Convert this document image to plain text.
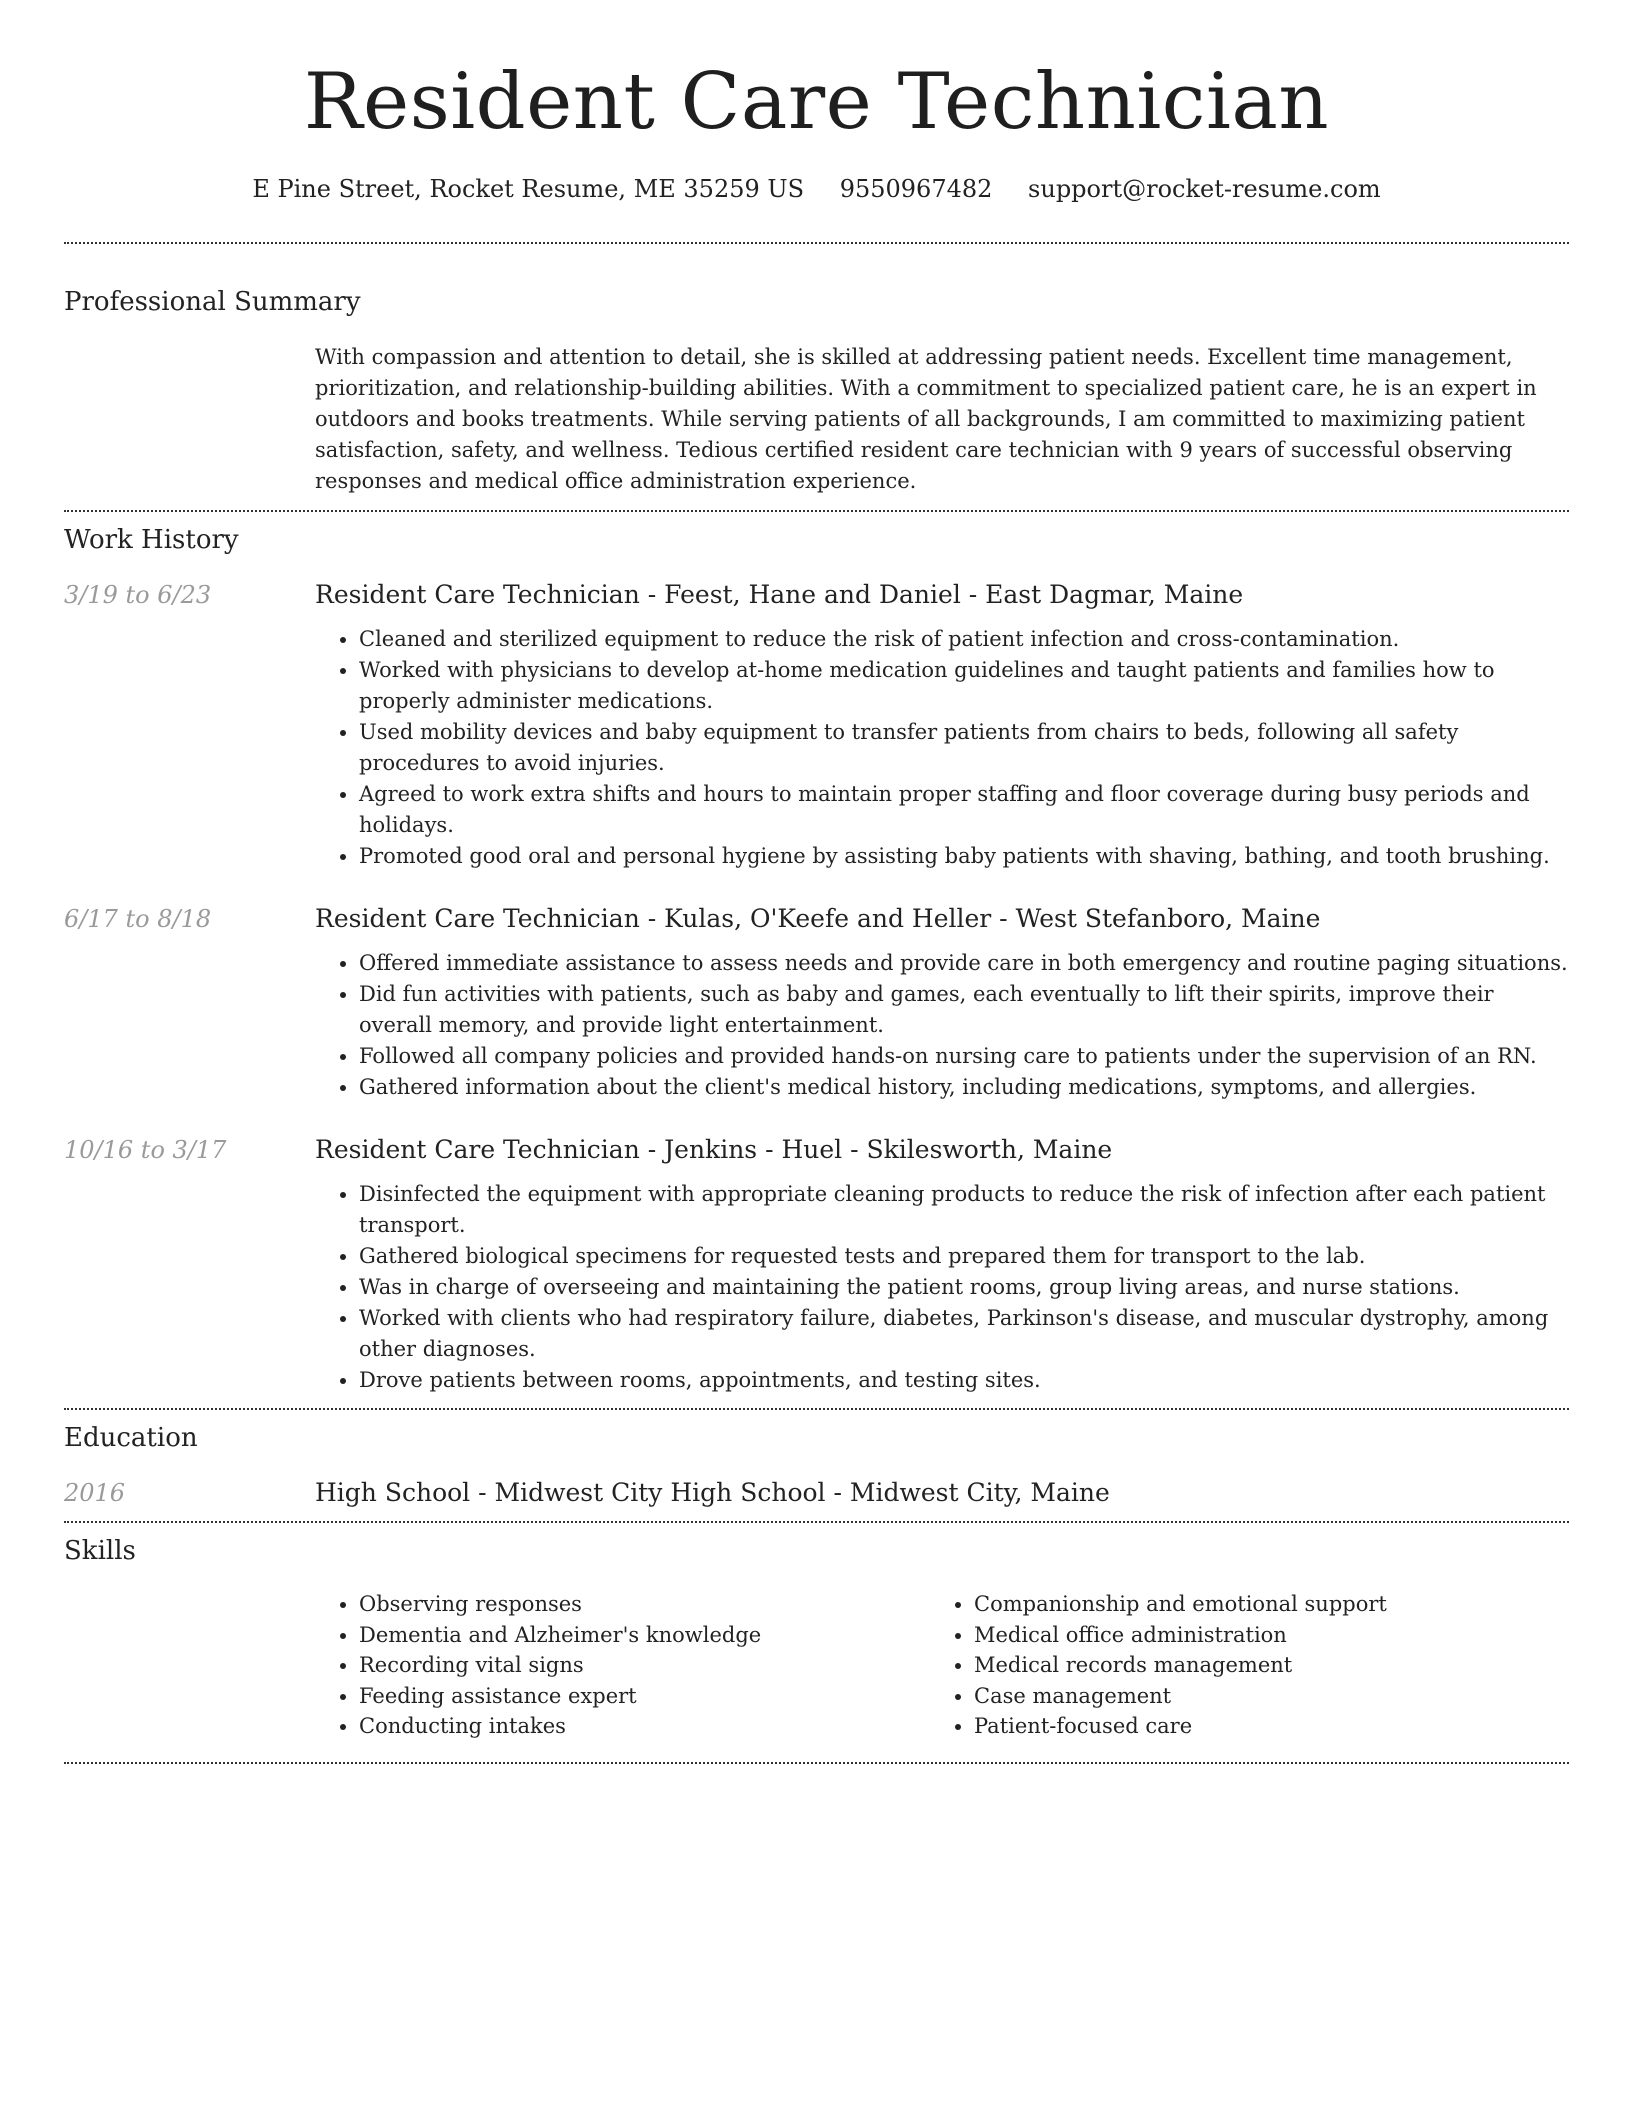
Resident Care Technician
E Pine Street, Rocket Resume, ME 35259 US 9550967482 support@rocket-resume.com
Professional Summary
With compassion and attention to detail, she is skilled at addressing patient needs. Excellent time management, prioritization, and relationship-building abilities. With a commitment to specialized patient care, he is an expert in outdoors and books treatments. While serving patients of all backgrounds, I am committed to maximizing patient satisfaction, safety, and wellness. Tedious certified resident care technician with 9 years of successful observing responses and medical office administration experience.
Work History
3/19 to 6/23	Resident Care Technician - Feest, Hane and Daniel - East Dagmar, Maine
• Cleaned and sterilized equipment to reduce the risk of patient infection and cross-contamination.
• Worked with physicians to develop at-home medication guidelines and taught patients and families how to properly administer medications.
• Used mobility devices and baby equipment to transfer patients from chairs to beds, following all safety procedures to avoid injuries.
• Agreed to work extra shifts and hours to maintain proper staffing and floor coverage during busy periods and holidays.
• Promoted good oral and personal hygiene by assisting baby patients with shaving, bathing, and tooth brushing.
6/17 to 8/18	Resident Care Technician - Kulas, O'Keefe and Heller - West Stefanboro, Maine
• Offered immediate assistance to assess needs and provide care in both emergency and routine paging situations.
• Did fun activities with patients, such as baby and games, each eventually to lift their spirits, improve their overall memory, and provide light entertainment.
• Followed all company policies and provided hands-on nursing care to patients under the supervision of an RN.
• Gathered information about the client's medical history, including medications, symptoms, and allergies.
10/16 to 3/17	Resident Care Technician - Jenkins - Huel - Skilesworth, Maine
• Disinfected the equipment with appropriate cleaning products to reduce the risk of infection after each patient transport.
• Gathered biological specimens for requested tests and prepared them for transport to the lab.
• Was in charge of overseeing and maintaining the patient rooms, group living areas, and nurse stations.
• Worked with clients who had respiratory failure, diabetes, Parkinson's disease, and muscular dystrophy, among other diagnoses.
• Drove patients between rooms, appointments, and testing sites.
Education
2016	High School - Midwest City High School - Midwest City, Maine
Skills
• Observing responses
• Dementia and Alzheimer's knowledge
• Recording vital signs
• Feeding assistance expert
• Conducting intakes
• Companionship and emotional support
• Medical office administration
• Medical records management
• Case management
• Patient-focused care
